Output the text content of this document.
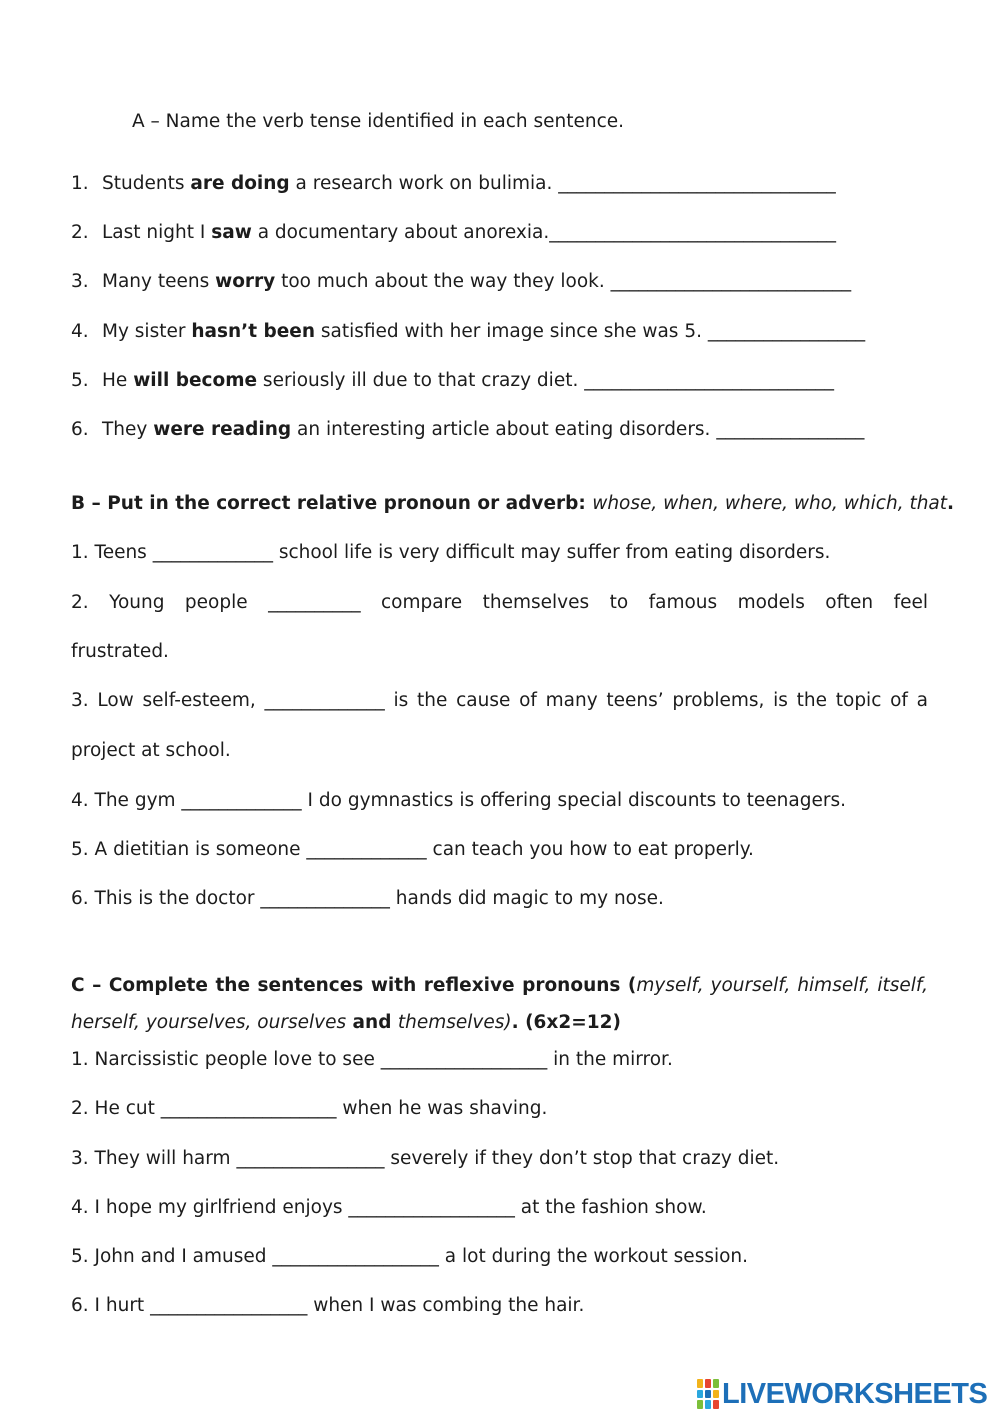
A – Name the verb tense identified in each sentence.
1. Students are doing a research work on bulimia. ______________________________
2. Last night I saw a documentary about anorexia._______________________________
3. Many teens worry too much about the way they look. __________________________
4. My sister hasn’t been satisfied with her image since she was 5. _________________
5. He will become seriously ill due to that crazy diet. ___________________________
6. They were reading an interesting article about eating disorders. ________________
B – Put in the correct relative pronoun or adverb: whose, when, where, who, which, that.
1. Teens _____________ school life is very difficult may suffer from eating disorders.
2. Young people __________ compare themselves to famous models often feel
frustrated.
3. Low self-esteem, _____________ is the cause of many teens’ problems, is the topic of a
project at school.
4. The gym _____________ I do gymnastics is offering special discounts to teenagers.
5. A dietitian is someone _____________ can teach you how to eat properly.
6. This is the doctor ______________ hands did magic to my nose.
C – Complete the sentences with reflexive pronouns (myself, yourself, himself, itself,
herself, yourselves, ourselves and themselves). (6x2=12)
1. Narcissistic people love to see __________________ in the mirror.
2. He cut ___________________ when he was shaving.
3. They will harm ________________ severely if they don’t stop that crazy diet.
4. I hope my girlfriend enjoys __________________ at the fashion show.
5. John and I amused __________________ a lot during the workout session.
6. I hurt _________________ when I was combing the hair.
LIVEWORKSHEETS
